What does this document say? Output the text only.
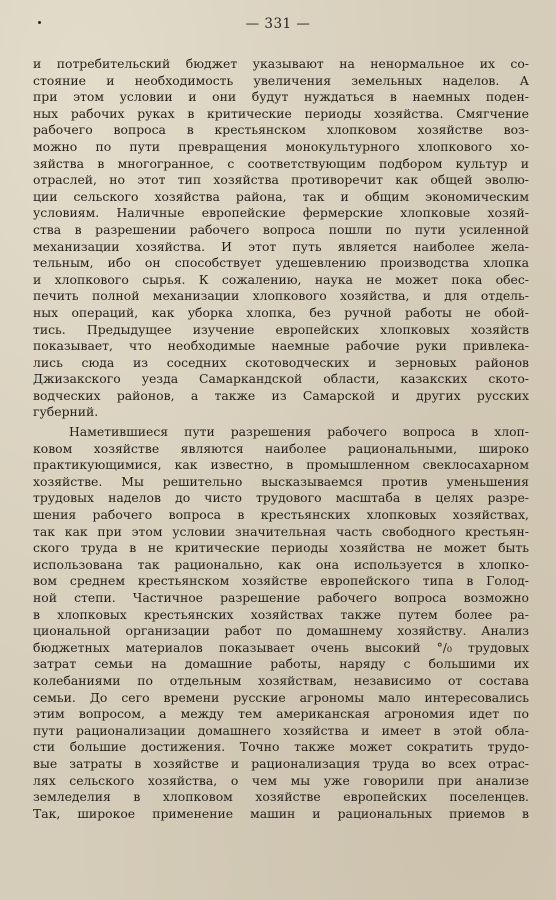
— 331 —
и потребительский бюджет указывают на ненормальное их со-
стояние и необходимость увеличения земельных наделов. А
при этом условии и они будут нуждаться в наемных поден-
ных рабочих руках в критические периоды хозяйства. Смягчение
рабочего вопроса в крестьянском хлопковом хозяйстве воз-
можно по пути превращения монокультурного хлопкового хо-
зяйства в многогранное, с соответствующим подбором культур и
отраслей, но этот тип хозяйства противоречит как общей эволю-
ции сельского хозяйства района, так и общим экономическим
условиям. Наличные европейские фермерские хлопковые хозяй-
ства в разрешении рабочего вопроса пошли по пути усиленной
механизации хозяйства. И этот путь является наиболее жела-
тельным, ибо он способствует удешевлению производства хлопка
и хлопкового сырья. К сожалению, наука не может пока обес-
печить полной механизации хлопкового хозяйства, и для отдель-
ных операций, как уборка хлопка, без ручной работы не обой-
тись. Предыдущее изучение европейских хлопковых хозяйств
показывает, что необходимые наемные рабочие руки привлека-
лись сюда из соседних скотоводческих и зерновых районов
Джизакского уезда Самаркандской области, казакских ското-
водческих районов, а также из Самарской и других русских
губерний.
Наметившиеся пути разрешения рабочего вопроса в хлоп-
ковом хозяйстве являются наиболее рациональными, широко
практикующимися, как известно, в промышленном свеклосахарном
хозяйстве. Мы решительно высказываемся против уменьшения
трудовых наделов до чисто трудового масштаба в целях разре-
шения рабочего вопроса в крестьянских хлопковых хозяйствах,
так как при этом условии значительная часть свободного крестьян-
ского труда в не критические периоды хозяйства не может быть
использована так рационально, как она используется в хлопко-
вом среднем крестьянском хозяйстве европейского типа в Голод-
ной степи. Частичное разрешение рабочего вопроса возможно
в хлопковых крестьянских хозяйствах также путем более ра-
циональной организации работ по домашнему хозяйству. Анализ
бюджетных материалов показывает очень высокий °/₀ трудовых
затрат семьи на домашние работы, наряду с большими их
колебаниями по отдельным хозяйствам, независимо от состава
семьи. До сего времени русские агрономы мало интересовались
этим вопросом, а между тем американская агрономия идет по
пути рационализации домашнего хозяйства и имеет в этой обла-
сти большие достижения. Точно также может сократить трудо-
вые затраты в хозяйстве и рационализация труда во всех отрас-
лях сельского хозяйства, о чем мы уже говорили при анализе
земледелия в хлопковом хозяйстве европейских поселенцев.
Так, широкое применение машин и рациональных приемов в
